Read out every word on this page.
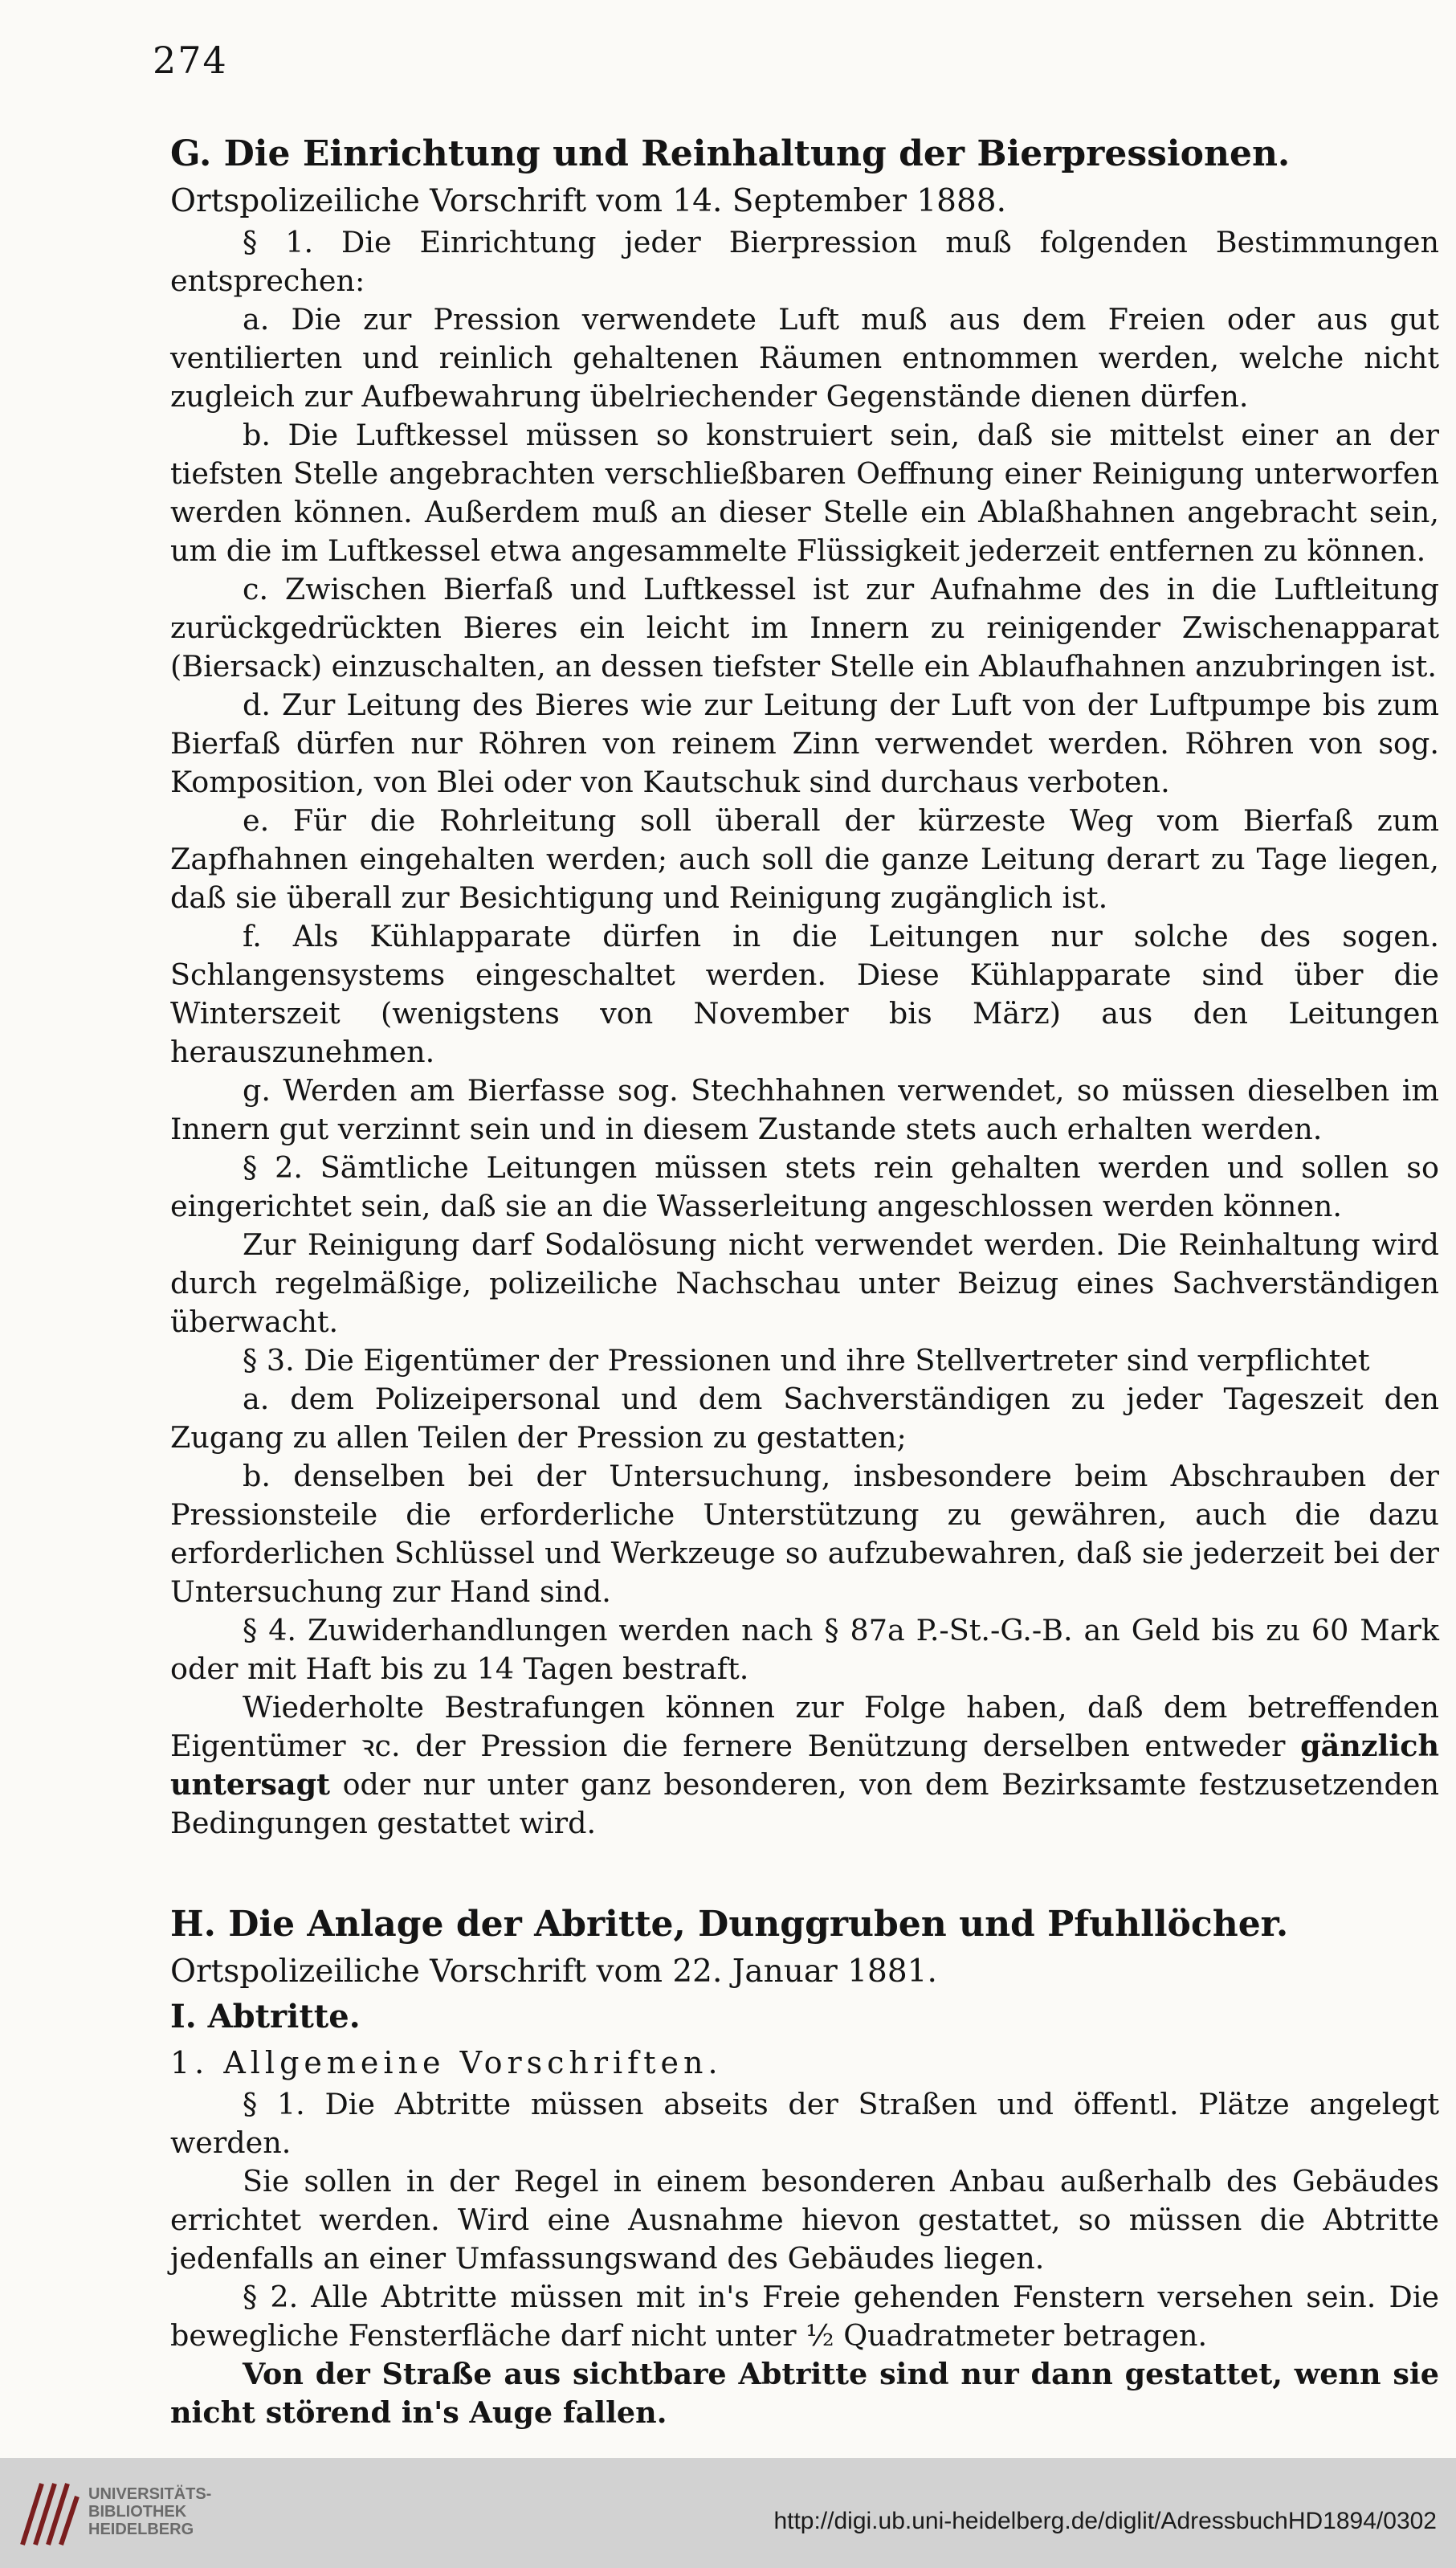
274

G. Die Einrichtung und Reinhaltung der Bierpressionen.

Ortspolizeiliche Vorschrift vom 14. September 1888.

§ 1. Die Einrichtung jeder Bierpression muß folgenden Bestimmungen entsprechen:

a. Die zur Pression verwendete Luft muß aus dem Freien oder aus gut ventilierten und reinlich gehaltenen Räumen entnommen werden, welche nicht zugleich zur Aufbewahrung übelriechender Gegenstände dienen dürfen.

b. Die Luftkessel müssen so konstruiert sein, daß sie mittelst einer an der tiefsten Stelle angebrachten verschließbaren Oeffnung einer Reinigung unterworfen werden können. Außerdem muß an dieser Stelle ein Ablaßhahnen angebracht sein, um die im Luftkessel etwa angesammelte Flüssigkeit jederzeit entfernen zu können.

c. Zwischen Bierfaß und Luftkessel ist zur Aufnahme des in die Luftleitung zurückgedrückten Bieres ein leicht im Innern zu reinigender Zwischenapparat (Biersack) einzuschalten, an dessen tiefster Stelle ein Ablaufhahnen anzubringen ist.

d. Zur Leitung des Bieres wie zur Leitung der Luft von der Luftpumpe bis zum Bierfaß dürfen nur Röhren von reinem Zinn verwendet werden. Röhren von sog. Komposition, von Blei oder von Kautschuk sind durchaus verboten.

e. Für die Rohrleitung soll überall der kürzeste Weg vom Bierfaß zum Zapfhahnen eingehalten werden; auch soll die ganze Leitung derart zu Tage liegen, daß sie überall zur Besichtigung und Reinigung zugänglich ist.

f. Als Kühlapparate dürfen in die Leitungen nur solche des sogen. Schlangensystems eingeschaltet werden. Diese Kühlapparate sind über die Winterszeit (wenigstens von November bis März) aus den Leitungen herauszunehmen.

g. Werden am Bierfasse sog. Stechhahnen verwendet, so müssen dieselben im Innern gut verzinnt sein und in diesem Zustande stets auch erhalten werden.

§ 2. Sämtliche Leitungen müssen stets rein gehalten werden und sollen so eingerichtet sein, daß sie an die Wasserleitung angeschlossen werden können.

Zur Reinigung darf Sodalösung nicht verwendet werden. Die Reinhaltung wird durch regelmäßige, polizeiliche Nachschau unter Beizug eines Sachverständigen überwacht.

§ 3. Die Eigentümer der Pressionen und ihre Stellvertreter sind verpflichtet

a. dem Polizeipersonal und dem Sachverständigen zu jeder Tageszeit den Zugang zu allen Teilen der Pression zu gestatten;

b. denselben bei der Untersuchung, insbesondere beim Abschrauben der Pressionsteile die erforderliche Unterstützung zu gewähren, auch die dazu erforderlichen Schlüssel und Werkzeuge so aufzubewahren, daß sie jederzeit bei der Untersuchung zur Hand sind.

§ 4. Zuwiderhandlungen werden nach § 87a P.-St.-G.-B. an Geld bis zu 60 Mark oder mit Haft bis zu 14 Tagen bestraft.

Wiederholte Bestrafungen können zur Folge haben, daß dem betreffenden Eigentümer ꝛc. der Pression die fernere Benützung derselben entweder gänzlich untersagt oder nur unter ganz besonderen, von dem Bezirksamte festzusetzenden Bedingungen gestattet wird.

H. Die Anlage der Abritte, Dunggruben und Pfuhllöcher.

Ortspolizeiliche Vorschrift vom 22. Januar 1881.

I. Abtritte.

1. Allgemeine Vorschriften.

§ 1. Die Abtritte müssen abseits der Straßen und öffentl. Plätze angelegt werden.

Sie sollen in der Regel in einem besonderen Anbau außerhalb des Gebäudes errichtet werden. Wird eine Ausnahme hievon gestattet, so müssen die Abtritte jedenfalls an einer Umfassungswand des Gebäudes liegen.

§ 2. Alle Abtritte müssen mit in's Freie gehenden Fenstern versehen sein. Die bewegliche Fensterfläche darf nicht unter ½ Quadratmeter betragen.

Von der Straße aus sichtbare Abtritte sind nur dann gestattet, wenn sie nicht störend in's Auge fallen.

UNIVERSITÄTS-
BIBLIOTHEK
HEIDELBERG	http://digi.ub.uni-heidelberg.de/diglit/AdressbuchHD1894/0302
